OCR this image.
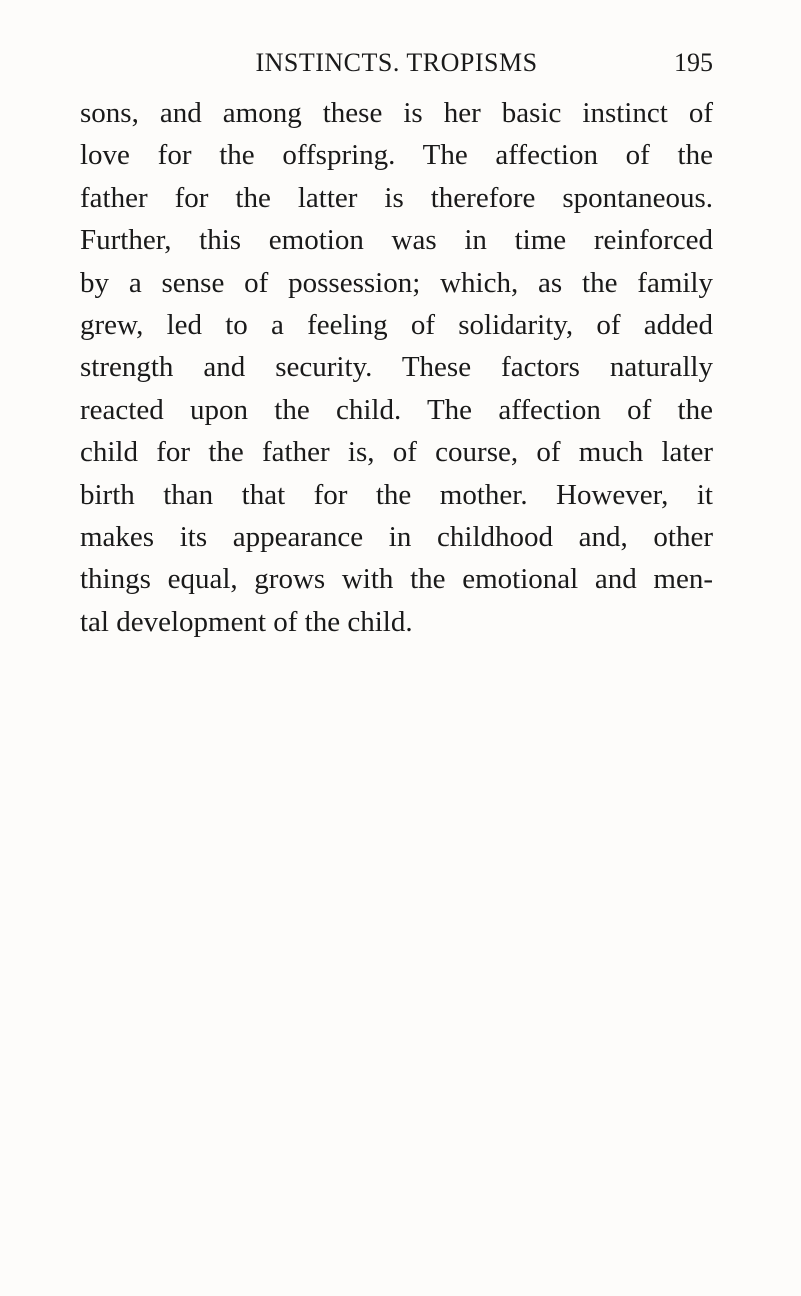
INSTINCTS. TROPISMS	195
sons, and among these is her basic instinct of
love for the offspring. The affection of the
father for the latter is therefore spontaneous.
Further, this emotion was in time reinforced
by a sense of possession; which, as the family
grew, led to a feeling of solidarity, of added
strength and security. These factors naturally
reacted upon the child. The affection of the
child for the father is, of course, of much later
birth than that for the mother. However, it
makes its appearance in childhood and, other
things equal, grows with the emotional and men-
tal development of the child.
